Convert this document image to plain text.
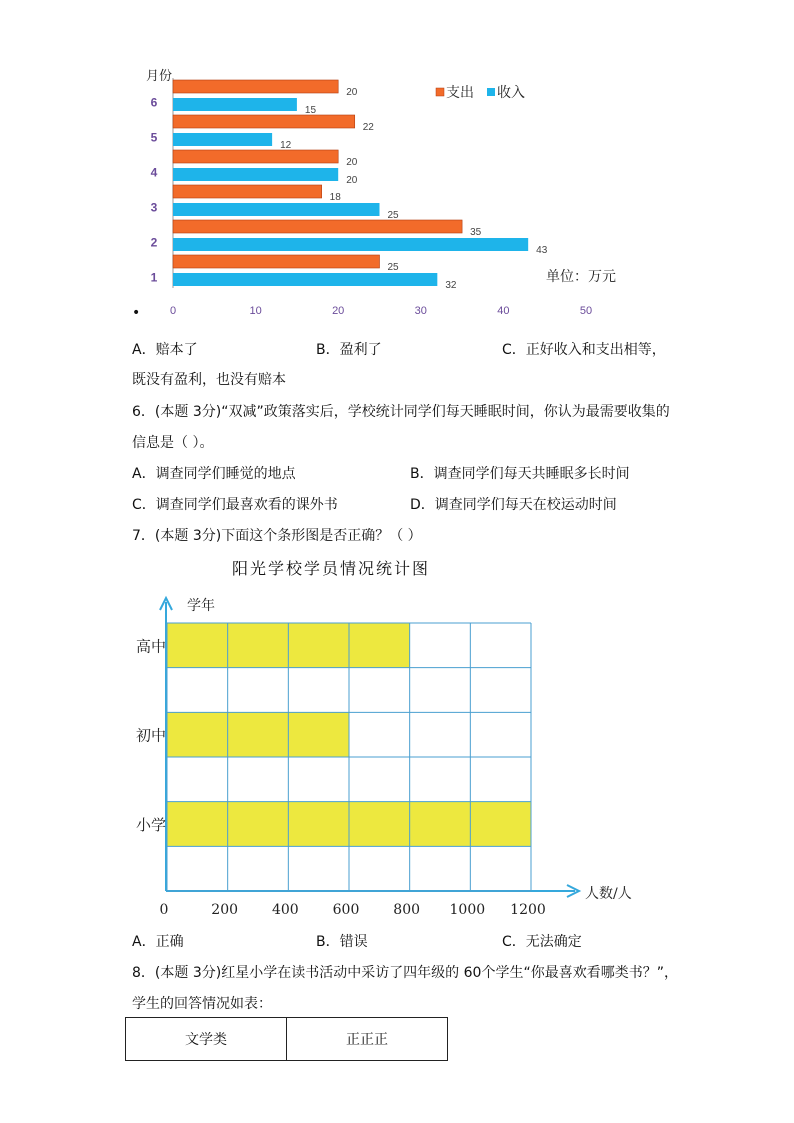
月份
25
32
35
43
18
25
20
20
22
12
20
15
1
2
3
4
5
6
0	10	20	30	40	50
支出 收入
单位：万元
•
A．赔本了	B．盈利了	C．正好收入和支出相等，
既没有盈利，也没有赔本
6．(本题 3分)“双减”政策落实后，学校统计同学们每天睡眠时间，你认为最需要收集的
信息是（ ）。
A．调查同学们睡觉的地点	B．调查同学们每天共睡眠多长时间
C．调查同学们最喜欢看的课外书	D．调查同学们每天在校运动时间
7．(本题 3分)下面这个条形图是否正确？（ ）
阳光学校学员情况统计图
学年
人数/人
小学
初中
高中
0	200 400 600 800 1000 1200
A．正确	B．错误	C．无法确定
8．(本题 3分)红星小学在读书活动中采访了四年级的 60个学生“你最喜欢看哪类书？”，
学生的回答情况如表：
文学类	正正正
